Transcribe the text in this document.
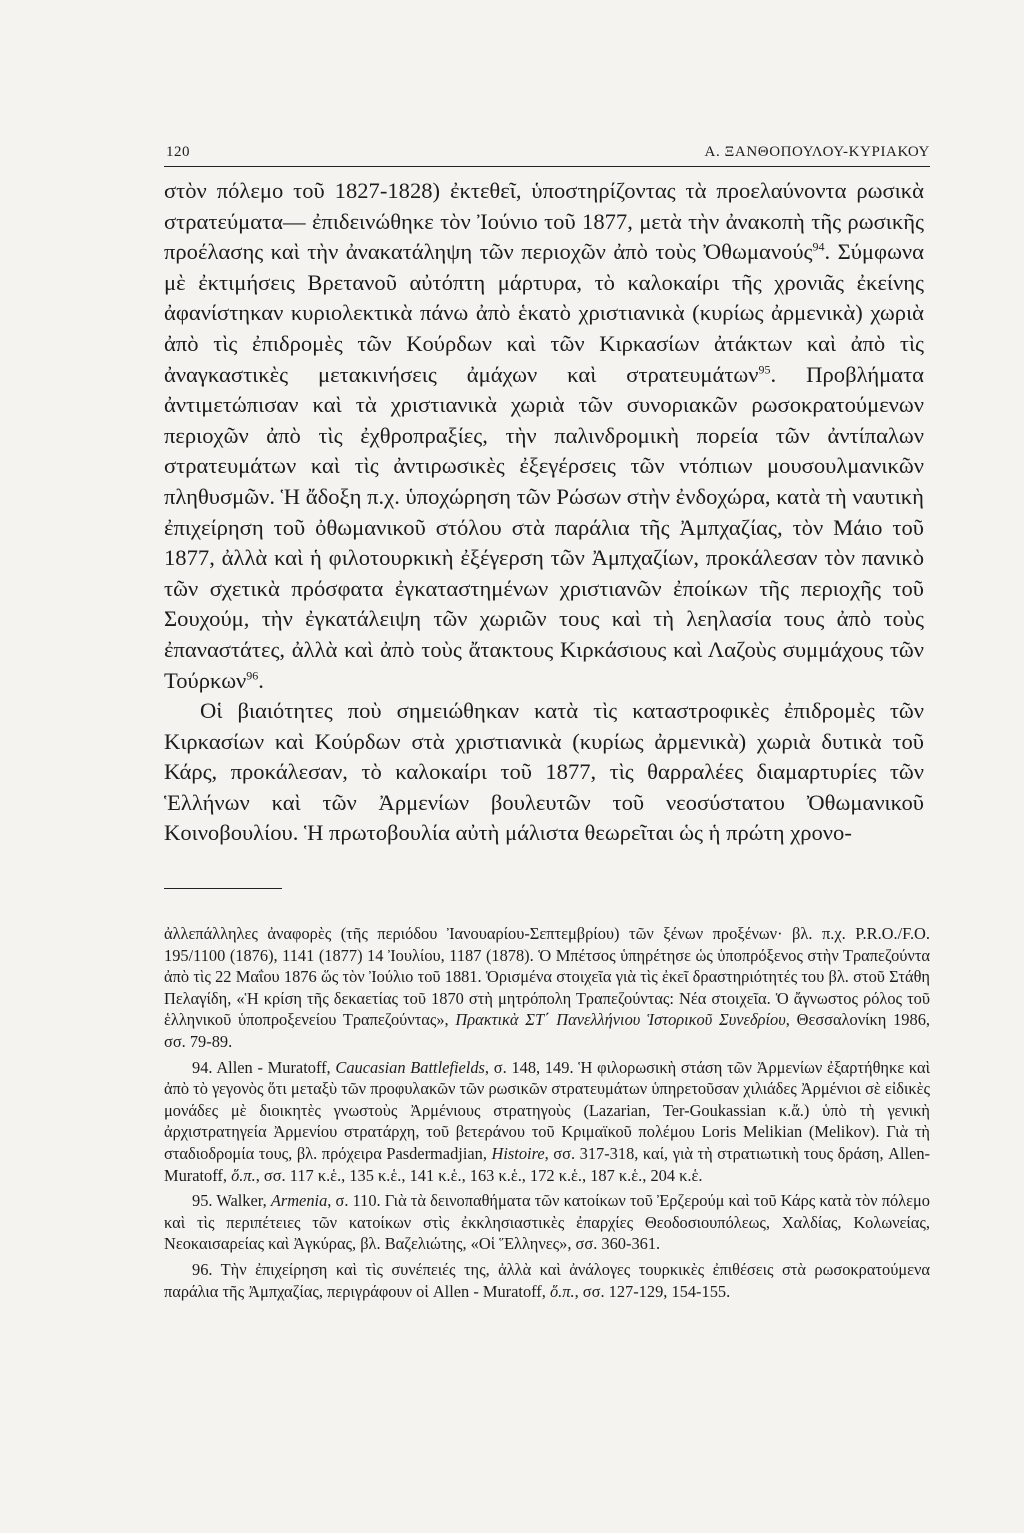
120	Α. ΞΑΝΘΟΠΟΥΛΟΥ-ΚΥΡΙΑΚΟΥ

στὸν πόλεμο τοῦ 1827-1828) ἐκτεθεῖ, ὑποστηρίζοντας τὰ προελαύνοντα ρωσικὰ στρατεύματα— ἐπιδεινώθηκε τὸν Ἰούνιο τοῦ 1877, μετὰ τὴν ἀνακοπὴ τῆς ρωσικῆς προέλασης καὶ τὴν ἀνακατάληψη τῶν περιοχῶν ἀπὸ τοὺς Ὀθωμανούς$^{94}$. Σύμφωνα μὲ ἐκτιμήσεις Βρετανοῦ αὐτόπτη μάρτυρα, τὸ καλοκαίρι τῆς χρονιᾶς ἐκείνης ἀφανίστηκαν κυριολεκτικὰ πάνω ἀπὸ ἑκατὸ χριστιανικὰ (κυρίως ἀρμενικὰ) χωριὰ ἀπὸ τὶς ἐπιδρομὲς τῶν Κούρδων καὶ τῶν Κιρκασίων ἀτάκτων καὶ ἀπὸ τὶς ἀναγκαστικὲς μετακινήσεις ἀμάχων καὶ στρατευμάτων$^{95}$. Προβλήματα ἀντιμετώπισαν καὶ τὰ χριστιανικὰ χωριὰ τῶν συνοριακῶν ρωσοκρατούμενων περιοχῶν ἀπὸ τὶς ἐχθροπραξίες, τὴν παλινδρομικὴ πορεία τῶν ἀντίπαλων στρατευμάτων καὶ τὶς ἀντιρωσικὲς ἐξεγέρσεις τῶν ντόπιων μουσουλμανικῶν πληθυσμῶν. Ἡ ἄδοξη π.χ. ὑποχώρηση τῶν Ρώσων στὴν ἐνδοχώρα, κατὰ τὴ ναυτικὴ ἐπιχείρηση τοῦ ὀθωμανικοῦ στόλου στὰ παράλια τῆς Ἀμπχαζίας, τὸν Μάιο τοῦ 1877, ἀλλὰ καὶ ἡ φιλοτουρκικὴ ἐξέγερση τῶν Ἀμπχαζίων, προκάλεσαν τὸν πανικὸ τῶν σχετικὰ πρόσφατα ἐγκαταστημένων χριστιανῶν ἐποίκων τῆς περιοχῆς τοῦ Σουχούμ, τὴν ἐγκατάλειψη τῶν χωριῶν τους καὶ τὴ λεηλασία τους ἀπὸ τοὺς ἐπαναστάτες, ἀλλὰ καὶ ἀπὸ τοὺς ἄτακτους Κιρκάσιους καὶ Λαζοὺς συμμάχους τῶν Τούρκων$^{96}$.

Οἱ βιαιότητες ποὺ σημειώθηκαν κατὰ τὶς καταστροφικὲς ἐπιδρομὲς τῶν Κιρκασίων καὶ Κούρδων στὰ χριστιανικὰ (κυρίως ἀρμενικὰ) χωριὰ δυτικὰ τοῦ Κάρς, προκάλεσαν, τὸ καλοκαίρι τοῦ 1877, τὶς θαρραλέες διαμαρτυρίες τῶν Ἑλλήνων καὶ τῶν Ἀρμενίων βουλευτῶν τοῦ νεοσύστατου Ὀθωμανικοῦ Κοινοβουλίου. Ἡ πρωτοβουλία αὐτὴ μάλιστα θεωρεῖται ὡς ἡ πρώτη χρονο-

ἀλλεπάλληλες ἀναφορὲς (τῆς περιόδου Ἰανουαρίου-Σεπτεμβρίου) τῶν ξένων προξένων· βλ. π.χ. P.R.O./F.O. 195/1100 (1876), 1141 (1877) 14 Ἰουλίου, 1187 (1878). Ὁ Μπέτσος ὑπηρέτησε ὡς ὑποπρόξενος στὴν Τραπεζούντα ἀπὸ τὶς 22 Μαΐου 1876 ὥς τὸν Ἰούλιο τοῦ 1881. Ὁρισμένα στοιχεῖα γιὰ τὶς ἐκεῖ δραστηριότητές του βλ. στοῦ Στάθη Πελαγίδη, «Ἡ κρίση τῆς δεκαετίας τοῦ 1870 στὴ μητρόπολη Τραπεζούντας: Νέα στοιχεῖα. Ὁ ἄγνωστος ρόλος τοῦ ἑλληνικοῦ ὑποπροξενείου Τραπεζούντας», Πρακτικὰ ΣΤ΄ Πανελλήνιου Ἱστορικοῦ Συνεδρίου, Θεσσαλονίκη 1986, σσ. 79-89.

94. Allen - Muratoff, Caucasian Battlefields, σ. 148, 149. Ἡ φιλορωσικὴ στάση τῶν Ἀρμενίων ἐξαρτήθηκε καὶ ἀπὸ τὸ γεγονὸς ὅτι μεταξὺ τῶν προφυλακῶν τῶν ρωσικῶν στρατευμάτων ὑπηρετοῦσαν χιλιάδες Ἀρμένιοι σὲ εἰδικὲς μονάδες μὲ διοικητὲς γνωστοὺς Ἀρμένιους στρατηγοὺς (Lazarian, Ter-Goukassian κ.ἄ.) ὑπὸ τὴ γενικὴ ἀρχιστρατηγεία Ἀρμενίου στρατάρχη, τοῦ βετεράνου τοῦ Κριμαϊκοῦ πολέμου Loris Melikian (Melikov). Γιὰ τὴ σταδιοδρομία τους, βλ. πρόχειρα Pasdermadjian, Histoire, σσ. 317-318, καί, γιὰ τὴ στρατιωτικὴ τους δράση, Allen-Muratoff, ὅ.π., σσ. 117 κ.ἑ., 135 κ.ἑ., 141 κ.ἑ., 163 κ.ἑ., 172 κ.ἑ., 187 κ.ἑ., 204 κ.ἑ.

95. Walker, Armenia, σ. 110. Γιὰ τὰ δεινοπαθήματα τῶν κατοίκων τοῦ Ἐρζερούμ καὶ τοῦ Κάρς κατὰ τὸν πόλεμο καὶ τὶς περιπέτειες τῶν κατοίκων στὶς ἐκκλησιαστικὲς ἐπαρχίες Θεοδοσιουπόλεως, Χαλδίας, Κολωνείας, Νεοκαισαρείας καὶ Ἀγκύρας, βλ. Βαζελιώτης, «Οἱ Ἕλληνες», σσ. 360-361.

96. Τὴν ἐπιχείρηση καὶ τὶς συνέπειές της, ἀλλὰ καὶ ἀνάλογες τουρκικὲς ἐπιθέσεις στὰ ρωσοκρατούμενα παράλια τῆς Ἀμπχαζίας, περιγράφουν οἱ Allen - Muratoff, ὅ.π., σσ. 127-129, 154-155.
